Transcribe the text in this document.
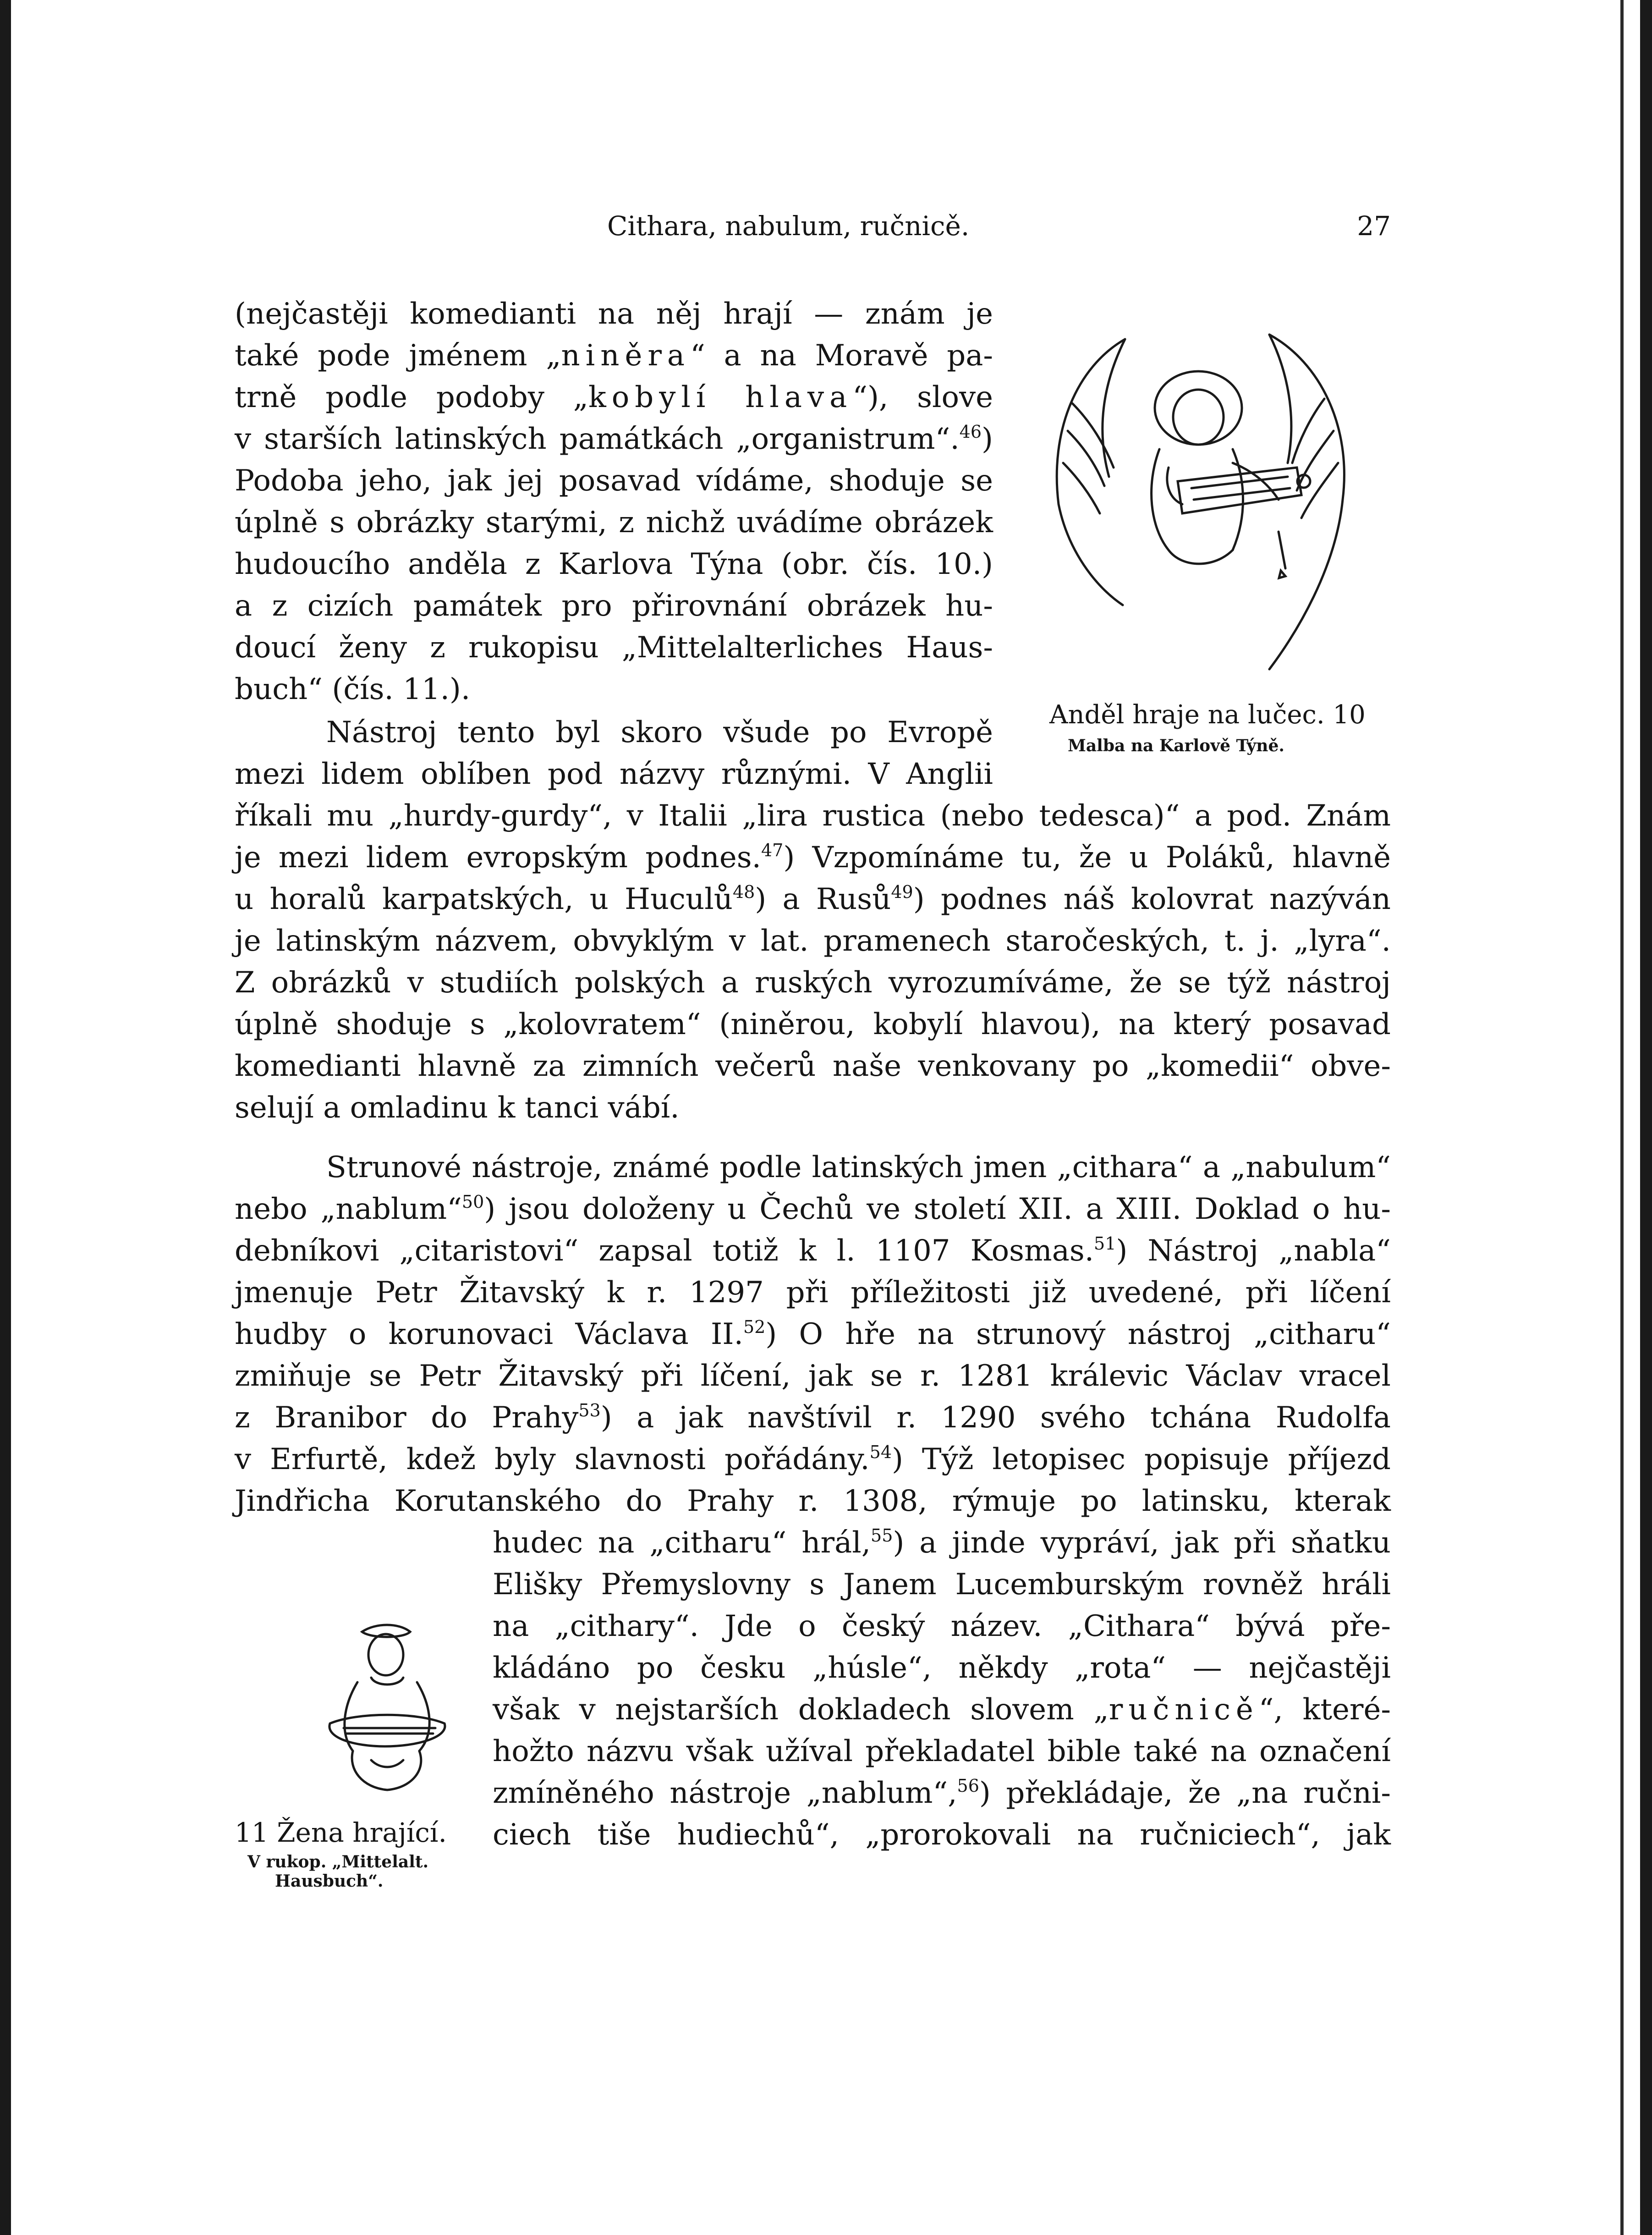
Cithara, nabulum, ručnicě.	27
(nejčastěji komedianti na něj hrají — znám je
také pode jménem „niněra“ a na Moravě pa-
trně podle podoby „kobylí hlava“), slove
v starších latinských památkách „organistrum“.$^{46}$)
Podoba jeho, jak jej posavad vídáme, shoduje se
úplně s obrázky starými, z nichž uvádíme obrázek
hudoucího anděla z Karlova Týna (obr. čís. 10.)
a z cizích památek pro přirovnání obrázek hu-
doucí ženy z rukopisu „Mittelalterliches Haus-
buch“ (čís. 11.).
Nástroj tento byl skoro všude po Evropě
mezi lidem oblíben pod názvy různými. V Anglii
říkali mu „hurdy-gurdy“, v Italii „lira rustica (nebo tedesca)“ a pod. Znám
je mezi lidem evropským podnes.$^{47}$) Vzpomínáme tu, že u Poláků, hlavně
u horalů karpatských, u Huculů$^{48}$) a Rusů$^{49}$) podnes náš kolovrat nazýván
je latinským názvem, obvyklým v lat. pramenech staročeských, t. j. „lyra“.
Z obrázků v studiích polských a ruských vyrozumíváme, že se týž nástroj
úplně shoduje s „kolovratem“ (niněrou, kobylí hlavou), na který posavad
komedianti hlavně za zimních večerů naše venkovany po „komedii“ obve-
selují a omladinu k tanci vábí.
Strunové nástroje, známé podle latinských jmen „cithara“ a „nabulum“
nebo „nablum“$^{50}$) jsou doloženy u Čechů ve století XII. a XIII. Doklad o hu-
debníkovi „citaristovi“ zapsal totiž k l. 1107 Kosmas.$^{51}$) Nástroj „nabla“
jmenuje Petr Žitavský k r. 1297 při příležitosti již uvedené, při líčení
hudby o korunovaci Václava II.$^{52}$) O hře na strunový nástroj „citharu“
zmiňuje se Petr Žitavský při líčení, jak se r. 1281 králevic Václav vracel
z Branibor do Prahy$^{53}$) a jak navštívil r. 1290 svého tchána Rudolfa
v Erfurtě, kdež byly slavnosti pořádány.$^{54}$) Týž letopisec popisuje příjezd
Jindřicha Korutanského do Prahy r. 1308, rýmuje po latinsku, kterak
hudec na „citharu“ hrál,$^{55}$) a jinde vypráví, jak při sňatku
Elišky Přemyslovny s Janem Lucemburským rovněž hráli
na „cithary“. Jde o český název. „Cithara“ bývá pře-
kládáno po česku „húsle“, někdy „rota“ — nejčastěji
však v nejstarších dokladech slovem „ručnicě“, které-
hožto názvu však užíval překladatel bible také na označení
zmíněného nástroje „nablum“,$^{56}$) překládaje, že „na ručni-
ciech tiše hudiechů“, „prorokovali na ručniciech“, jak
Anděl hraje na lučec. 10
Malba na Karlově Týně.
11 Žena hrající.
V rukop. „Mittelalt.
Hausbuch“.
